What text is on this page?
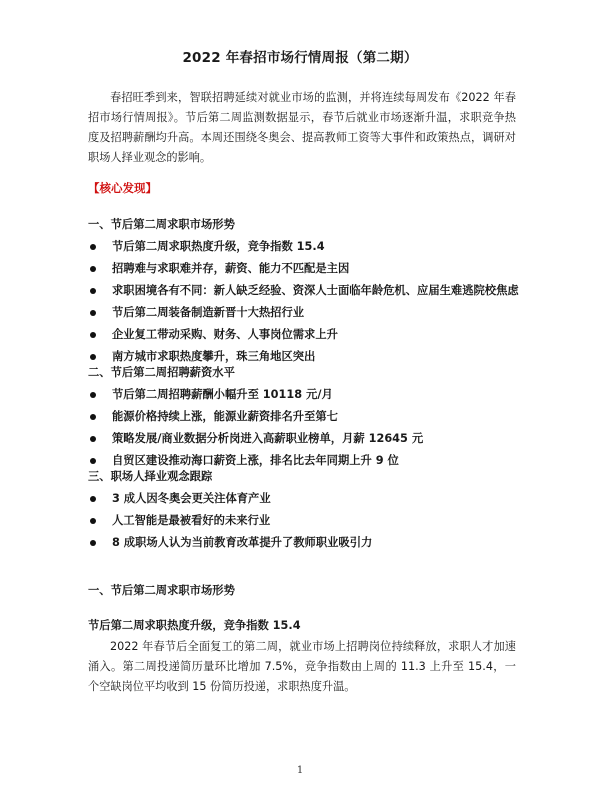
2022 年春招市场行情周报（第二期）

春招旺季到来，智联招聘延续对就业市场的监测，并将连续每周发布《2022 年春招市场行情周报》。节后第二周监测数据显示，春节后就业市场逐渐升温，求职竞争热度及招聘薪酬均升高。本周还围绕冬奥会、提高教师工资等大事件和政策热点，调研对职场人择业观念的影响。

【核心发现】
一、节后第二周求职市场形势
节后第二周求职热度升级，竞争指数 15.4
招聘难与求职难并存，薪资、能力不匹配是主因
求职困境各有不同：新人缺乏经验、资深人士面临年龄危机、应届生难逃院校焦虑
节后第二周装备制造新晋十大热招行业
企业复工带动采购、财务、人事岗位需求上升
南方城市求职热度攀升，珠三角地区突出
二、节后第二周招聘薪资水平
节后第二周招聘薪酬小幅升至 10118 元/月
能源价格持续上涨，能源业薪资排名升至第七
策略发展/商业数据分析岗进入高薪职业榜单，月薪 12645 元
自贸区建设推动海口薪资上涨，排名比去年同期上升 9 位
三、职场人择业观念跟踪
3 成人因冬奥会更关注体育产业
人工智能是最被看好的未来行业
8 成职场人认为当前教育改革提升了教师职业吸引力
一、节后第二周求职市场形势
节后第二周求职热度升级，竞争指数 15.4

2022 年春节后全面复工的第二周，就业市场上招聘岗位持续释放，求职人才加速涌入。第二周投递简历量环比增加 7.5%，竞争指数由上周的 11.3 上升至 15.4，一个空缺岗位平均收到 15 份简历投递，求职热度升温。

1
